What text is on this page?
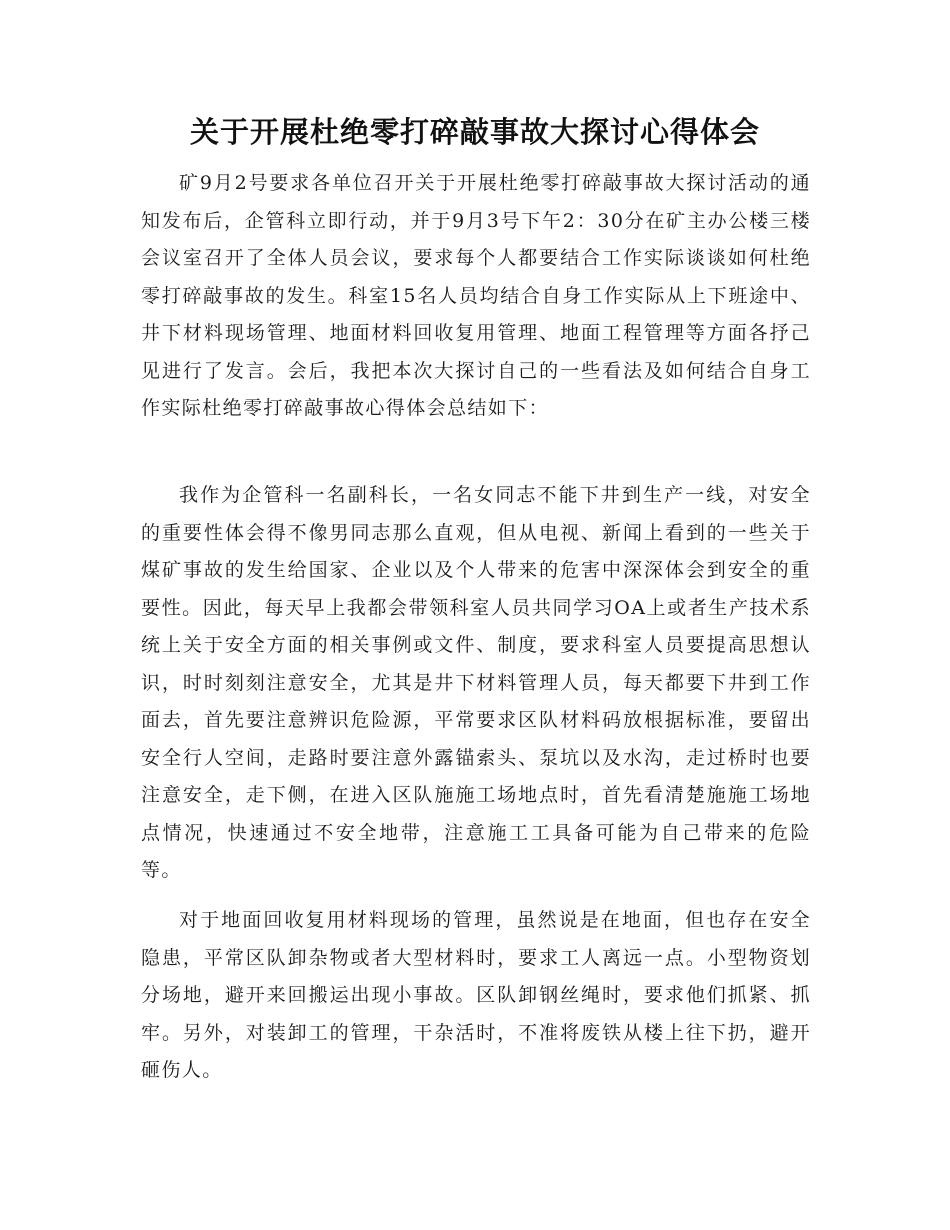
关于开展杜绝零打碎敲事故大探讨心得体会

矿9月2号要求各单位召开关于开展杜绝零打碎敲事故大探讨活动的通知发布后，企管科立即行动，并于9月3号下午2：30分在矿主办公楼三楼会议室召开了全体人员会议，要求每个人都要结合工作实际谈谈如何杜绝零打碎敲事故的发生。科室15名人员均结合自身工作实际从上下班途中、井下材料现场管理、地面材料回收复用管理、地面工程管理等方面各抒己见进行了发言。会后，我把本次大探讨自己的一些看法及如何结合自身工作实际杜绝零打碎敲事故心得体会总结如下：

我作为企管科一名副科长，一名女同志不能下井到生产一线，对安全的重要性体会得不像男同志那么直观，但从电视、新闻上看到的一些关于煤矿事故的发生给国家、企业以及个人带来的危害中深深体会到安全的重要性。因此，每天早上我都会带领科室人员共同学习OA上或者生产技术系统上关于安全方面的相关事例或文件、制度，要求科室人员要提高思想认识，时时刻刻注意安全，尤其是井下材料管理人员，每天都要下井到工作面去，首先要注意辨识危险源，平常要求区队材料码放根据标准，要留出安全行人空间，走路时要注意外露锚索头、泵坑以及水沟，走过桥时也要注意安全，走下侧，在进入区队施施工场地点时，首先看清楚施施工场地点情况，快速通过不安全地带，注意施工工具备可能为自己带来的危险等。

对于地面回收复用材料现场的管理，虽然说是在地面，但也存在安全隐患，平常区队卸杂物或者大型材料时，要求工人离远一点。小型物资划分场地，避开来回搬运出现小事故。区队卸钢丝绳时，要求他们抓紧、抓牢。另外，对装卸工的管理，干杂活时，不准将废铁从楼上往下扔，避开砸伤人。
